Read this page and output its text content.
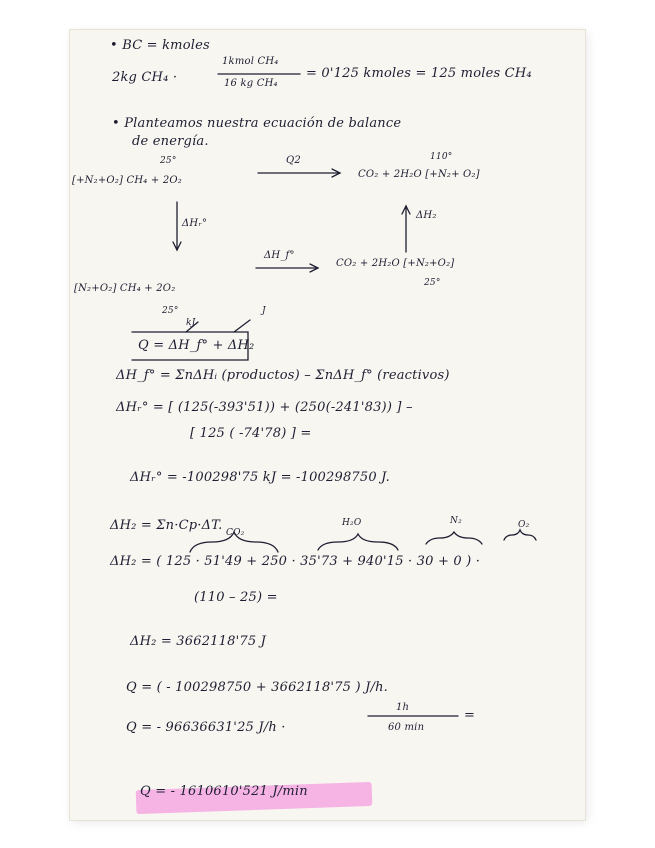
• BC = kmoles
2kg CH₄ ·
1kmol CH₄
16 kg CH₄
= 0'125 kmoles = 125 moles CH₄
• Planteamos nuestra ecuación de balance
de energía.
25°	110°
[+N₂+O₂] CH₄ + 2O₂
Q2
CO₂ + 2H₂O [+N₂+ O₂]
ΔHᵣ°
ΔH₂
ΔH_f°
[N₂+O₂] CH₄ + 2O₂
CO₂ + 2H₂O [+N₂+O₂]
25°
25°
kJ
J
Q = ΔH_f° + ΔH₂
ΔH_f° = ΣnΔHᵢ (productos) – ΣnΔH_f° (reactivos)
ΔHᵣ° = [ (125(-393'51)) + (250(-241'83)) ] –
[ 125 ( -74'78) ] =
ΔHᵣ° = -100298'75 kJ = -100298750 J.
ΔH₂ = Σn·Cp·ΔT. CO₂
H₂O	N₂	O₂
ΔH₂ = ( 125 · 51'49 + 250 · 35'73 + 940'15 · 30 + 0 ) ·
(110 – 25) =
ΔH₂ = 3662118'75 J
Q = ( - 100298750 + 3662118'75 ) J/h.
Q = - 96636631'25 J/h ·
1h
60 min
=
Q = - 1610610'521 J/min
